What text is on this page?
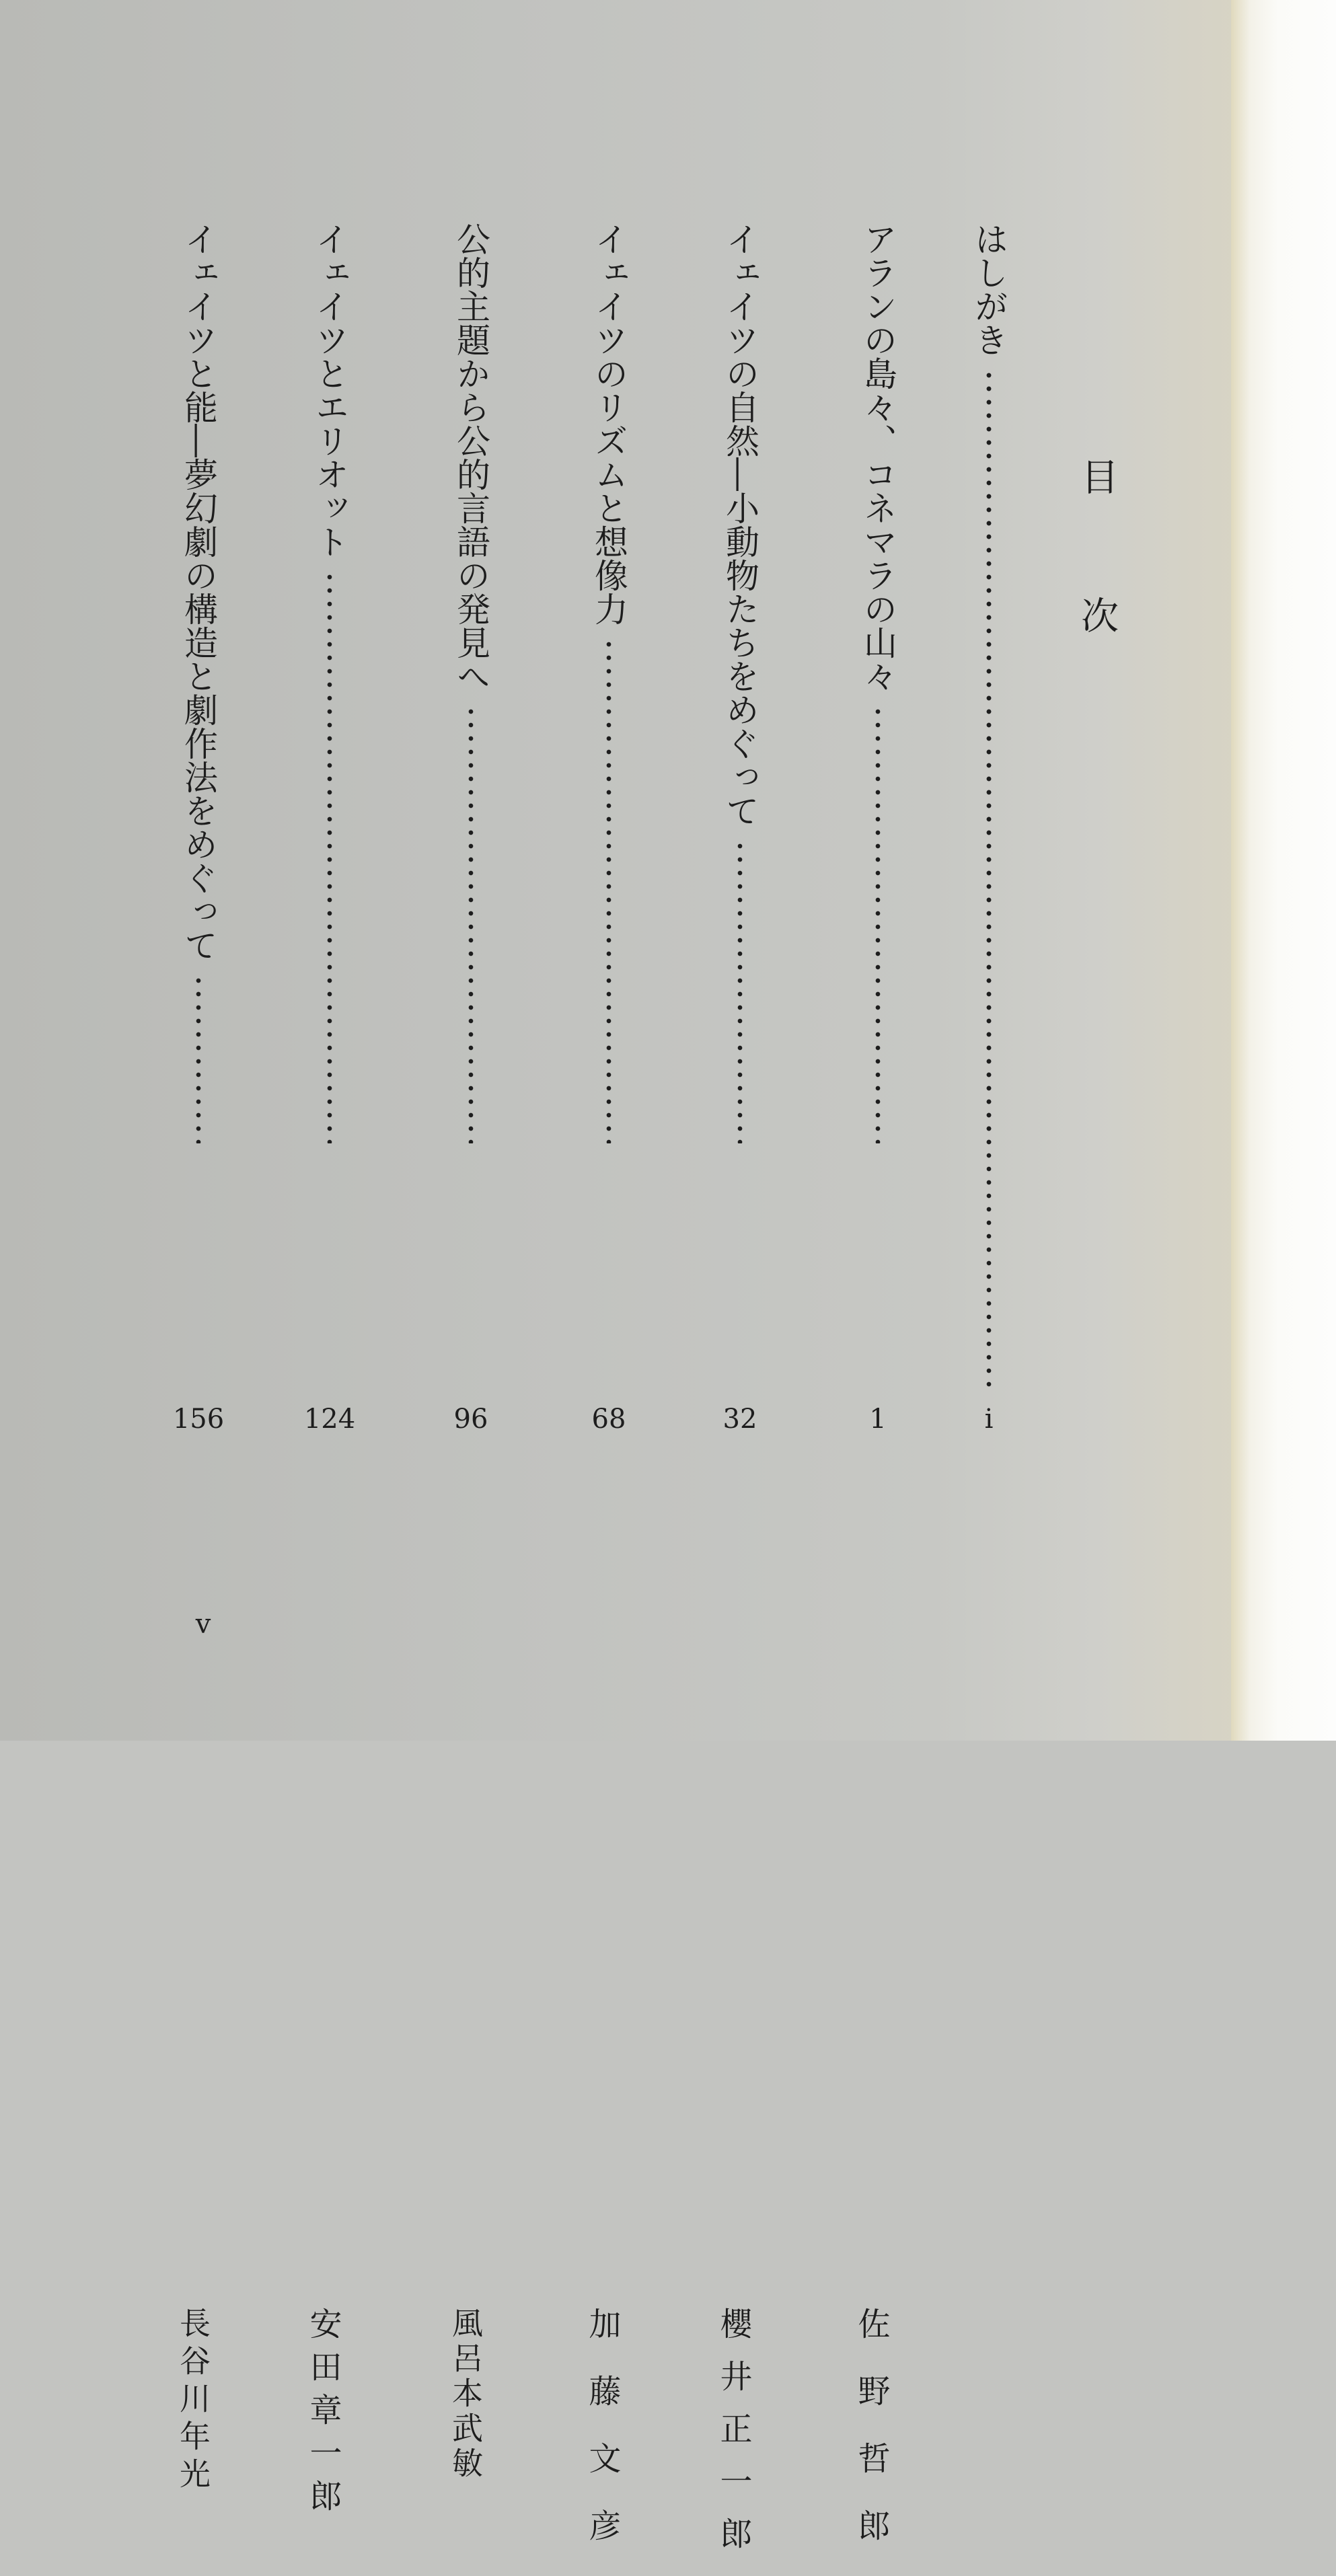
目次
はしがき
i
アランの島々、コネマラの山々
佐野哲郎
1
イェイツの自然―小動物たちをめぐって
櫻井正一郎
32
イェイツのリズムと想像力
加藤文彦
68
公的主題から公的言語の発見へ
風呂本武敏
96
イェイツとエリオット
安田章一郎
124
イェイツと能―夢幻劇の構造と劇作法をめぐって
長谷川年光
156
v
